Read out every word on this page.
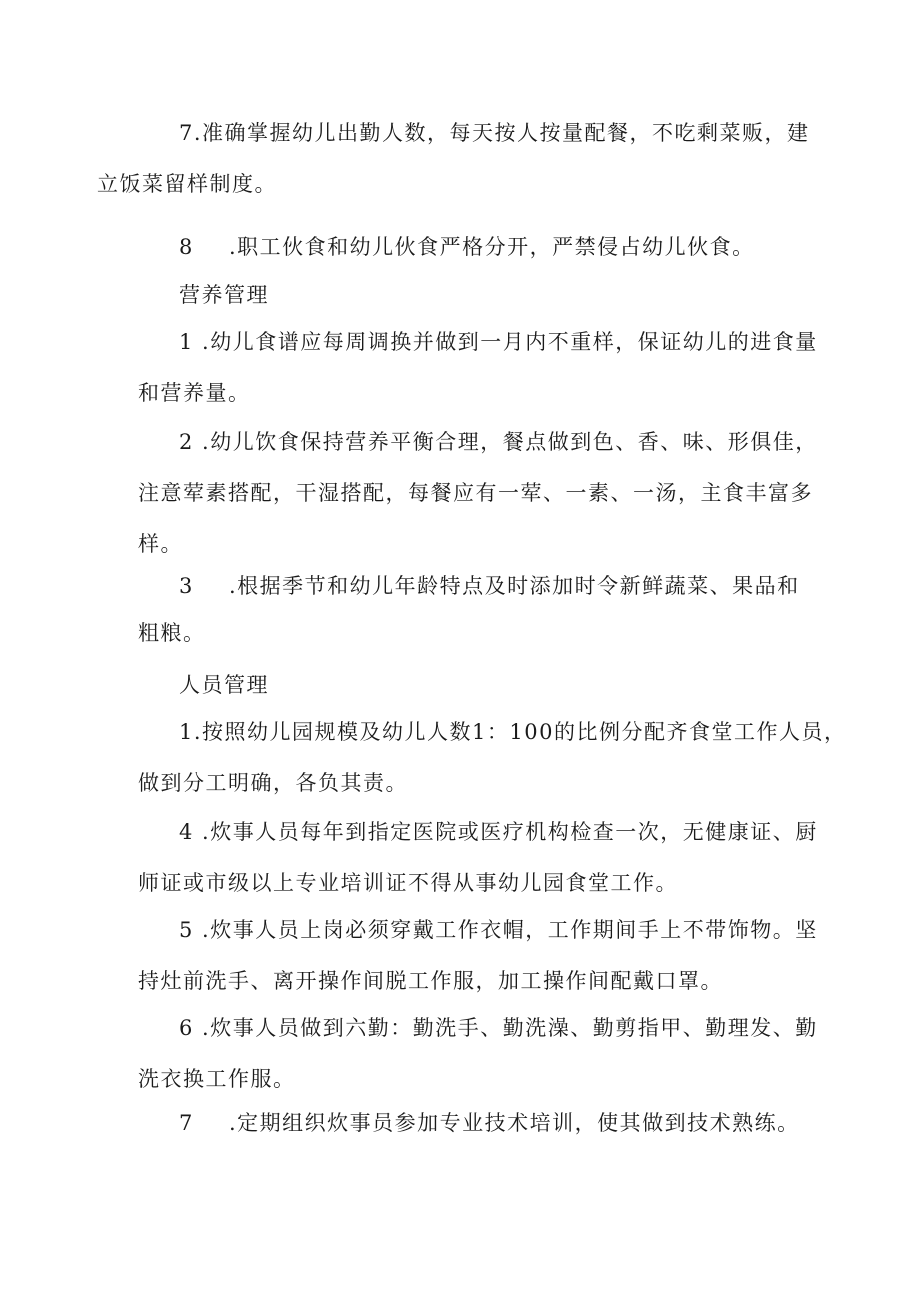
7.准确掌握幼儿出勤人数，每天按人按量配餐，不吃剩菜贩，建
立饭菜留样制度。
8 .职工伙食和幼儿伙食严格分开，严禁侵占幼儿伙食。
营养管理
1 .幼儿食谱应每周调换并做到一月内不重样，保证幼儿的进食量
和营养量。
2 .幼儿饮食保持营养平衡合理，餐点做到色、香、味、形俱佳，
注意荤素搭配，干湿搭配，每餐应有一荤、一素、一汤，主食丰富多
样。
3 .根据季节和幼儿年龄特点及时添加时令新鲜蔬菜、果品和
粗粮。
人员管理
1.按照幼儿园规模及幼儿人数1：100的比例分配齐食堂工作人员，
做到分工明确，各负其责。
4 .炊事人员每年到指定医院或医疗机构检查一次，无健康证、厨
师证或市级以上专业培训证不得从事幼儿园食堂工作。
5 .炊事人员上岗必须穿戴工作衣帽，工作期间手上不带饰物。坚
持灶前洗手、离开操作间脱工作服，加工操作间配戴口罩。
6 .炊事人员做到六勤：勤洗手、勤洗澡、勤剪指甲、勤理发、勤
洗衣换工作服。
7 .定期组织炊事员参加专业技术培训，使其做到技术熟练。
